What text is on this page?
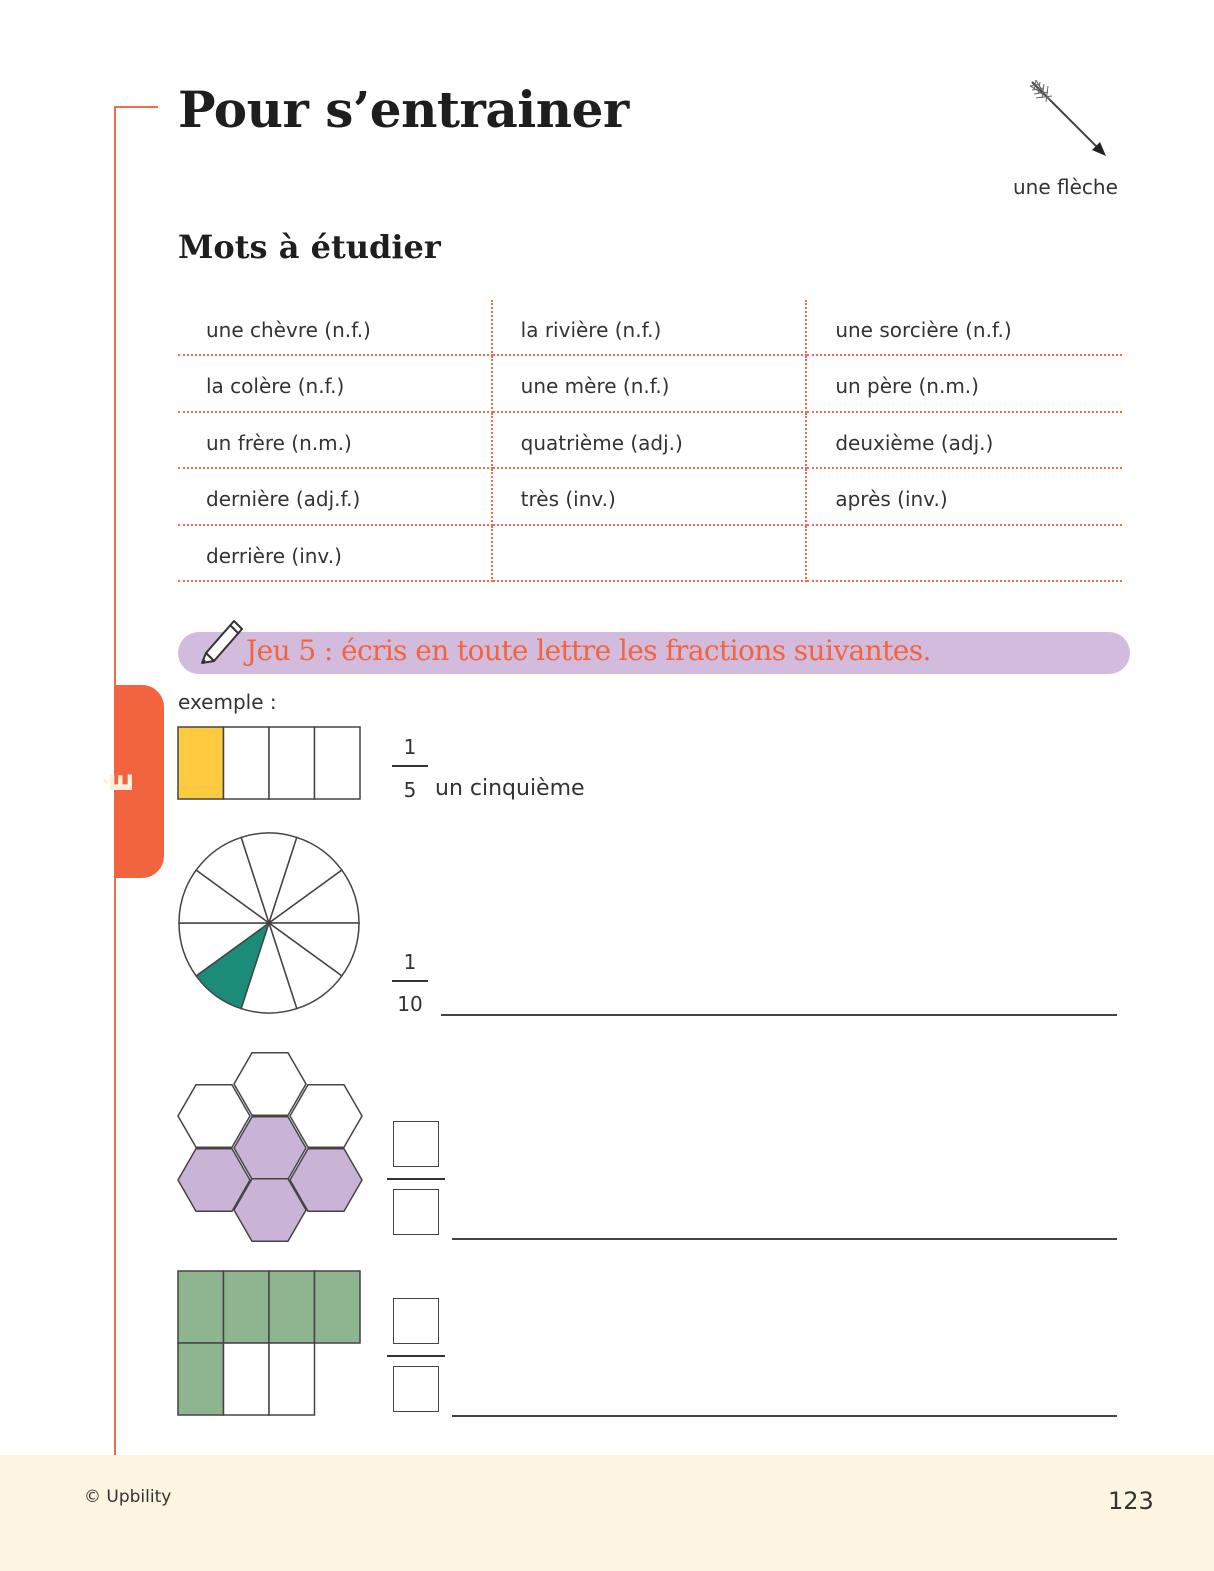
É
Pour s’entrainer
une flèche
Mots à étudier
une chèvre (n.f.)	la rivière (n.f.)	une sorcière (n.f.)
la colère (n.f.)	une mère (n.f.)	un père (n.m.)
un frère (n.m.)	quatrième (adj.)	deuxième (adj.)
dernière (adj.f.)	très (inv.)	après (inv.)
derrière (inv.)
Jeu 5 : écris en toute lettre les fractions suivantes.
exemple :
1
5 un cinquième
1
10
© Upbility	123
